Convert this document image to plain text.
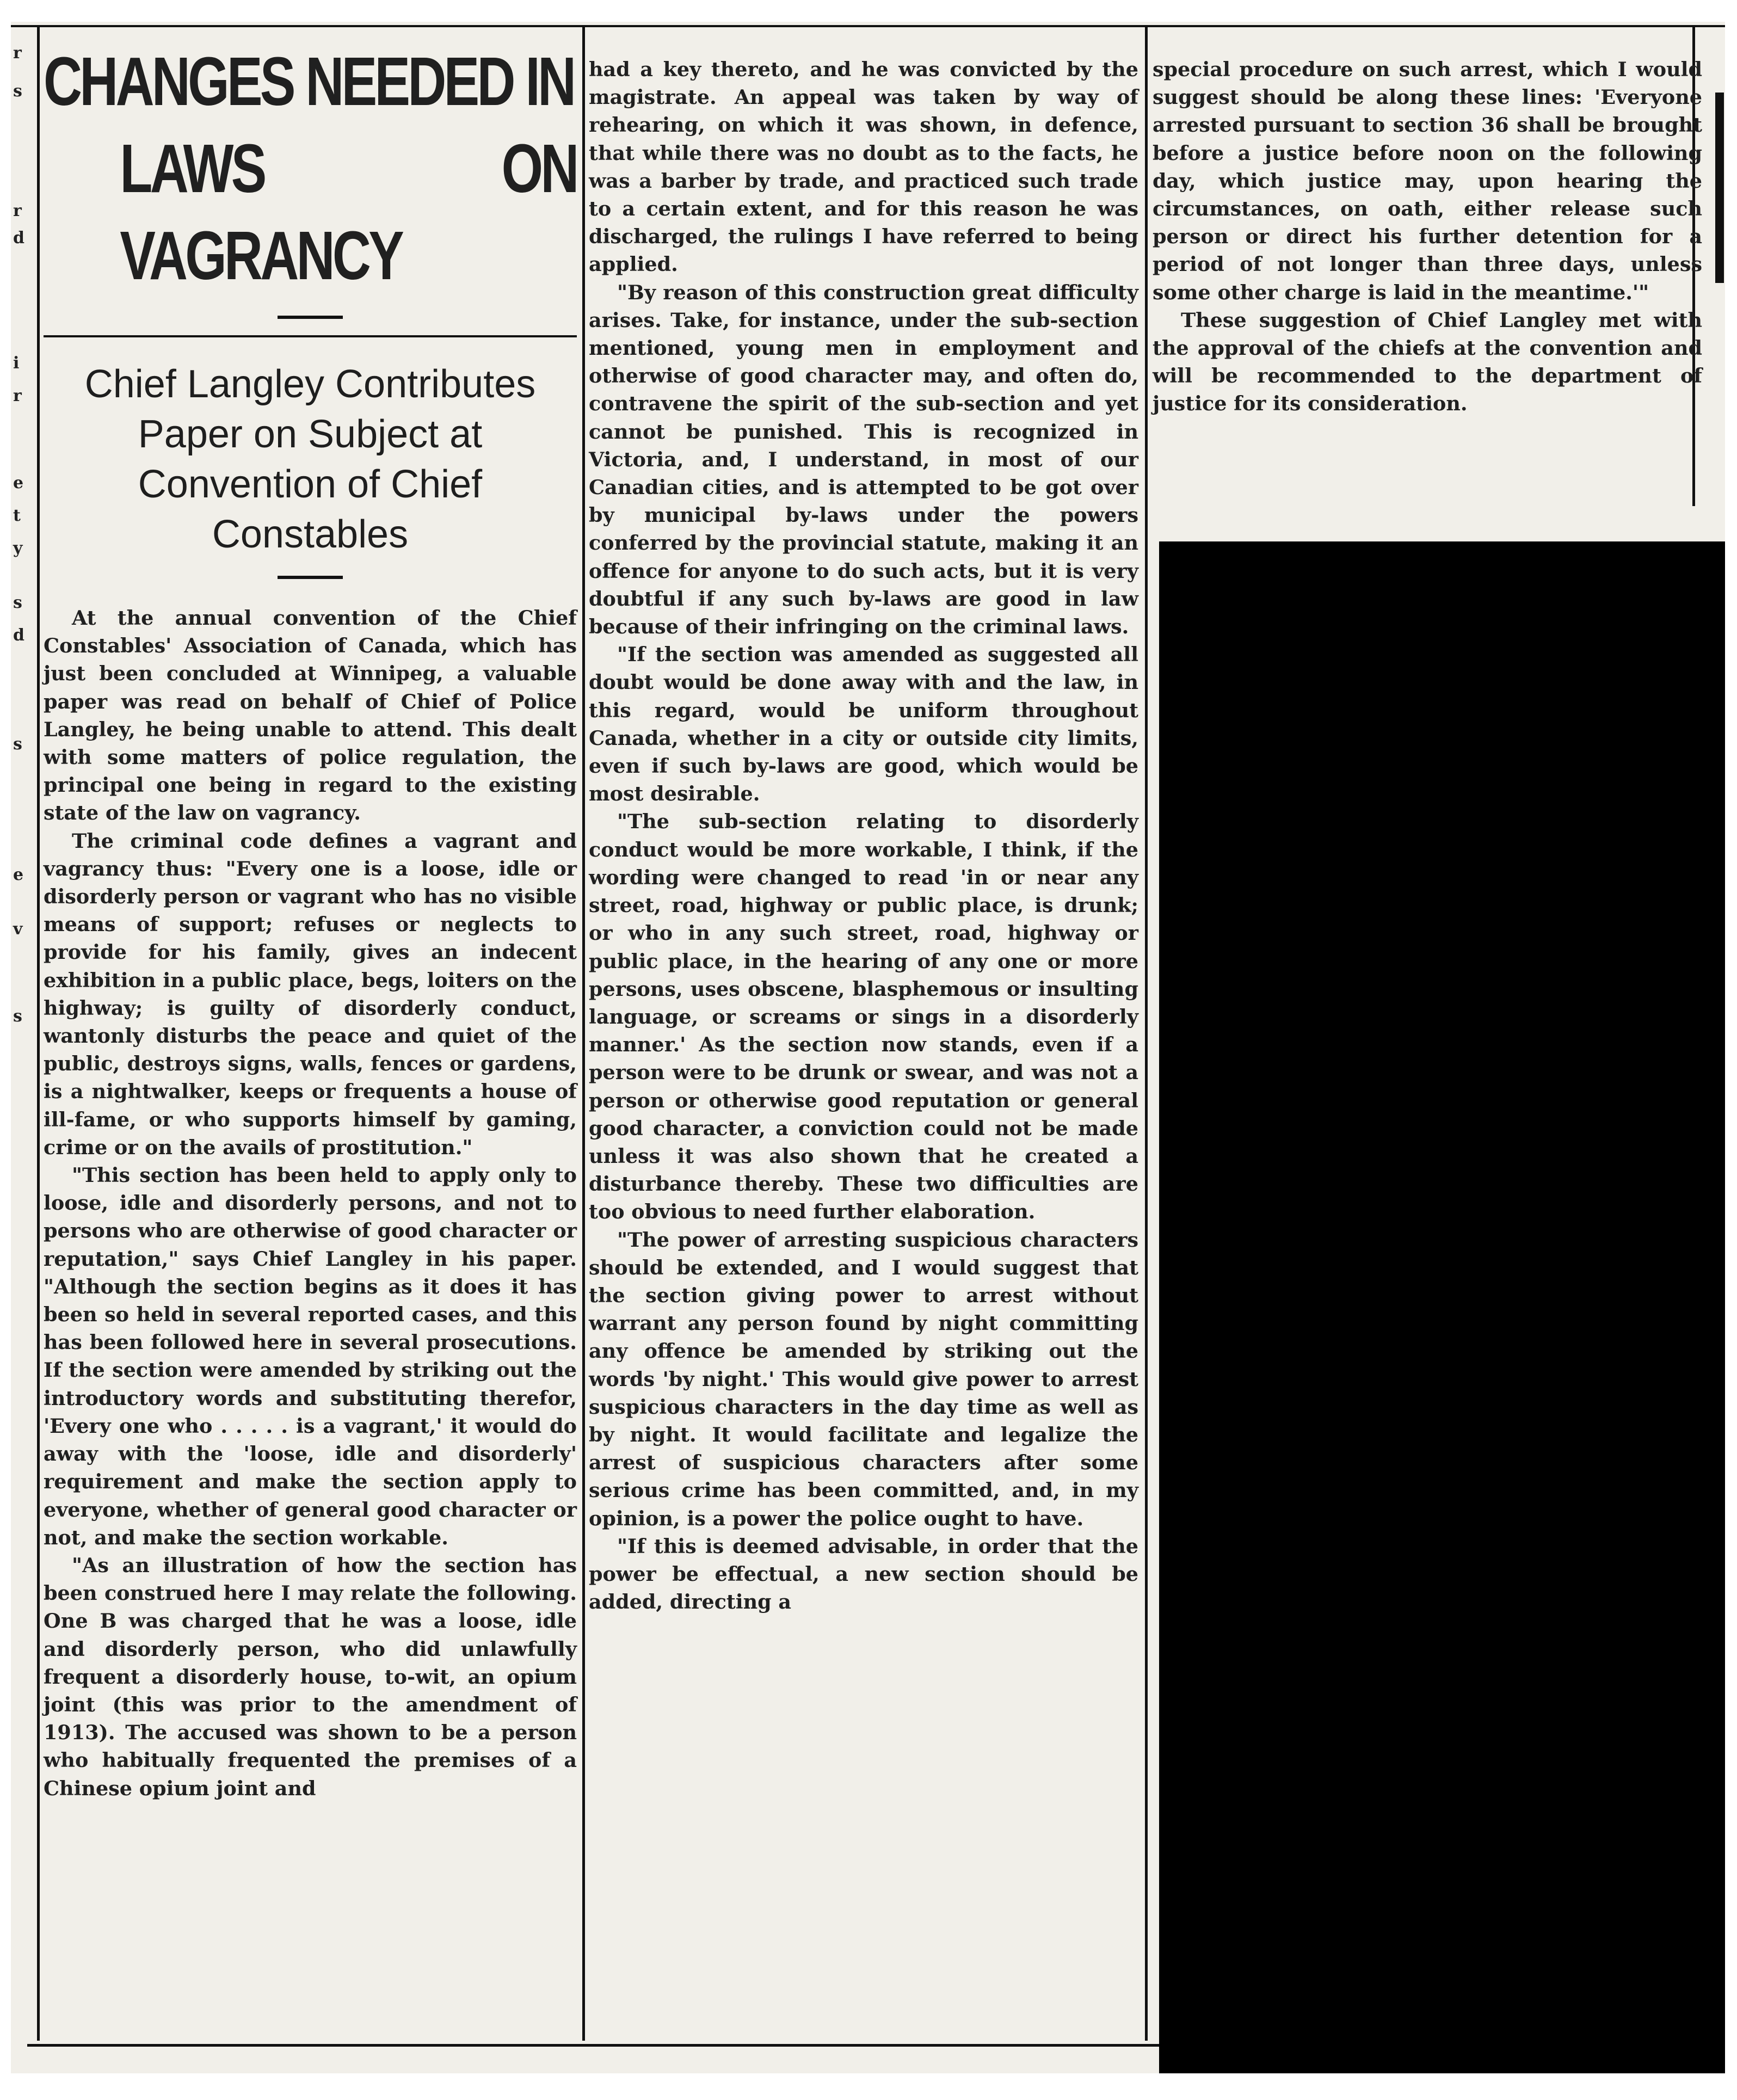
r
s
r
d
i
r
e
t
y
s
d
s
e
v
s
CHANGES NEEDED IN
LAWS ON VAGRANCY

Chief Langley Contributes Paper on Subject at Convention of Chief Constables

At the annual convention of the Chief Constables' Association of Canada, which has just been concluded at Winnipeg, a valuable paper was read on behalf of Chief of Police Langley, he being unable to attend. This dealt with some matters of police regulation, the principal one being in regard to the existing state of the law on vagrancy.

The criminal code defines a vagrant and vagrancy thus: "Every one is a loose, idle or disorderly person or vagrant who has no visible means of support; refuses or neglects to provide for his family, gives an indecent exhibition in a public place, begs, loiters on the highway; is guilty of disorderly conduct, wantonly disturbs the peace and quiet of the public, destroys signs, walls, fences or gardens, is a nightwalker, keeps or frequents a house of ill-fame, or who supports himself by gaming, crime or on the avails of prostitution."

"This section has been held to apply only to loose, idle and disorderly persons, and not to persons who are otherwise of good character or reputation," says Chief Langley in his paper. "Although the section begins as it does it has been so held in several reported cases, and this has been followed here in several prosecutions. If the section were amended by striking out the introductory words and substituting therefor, 'Every one who . . . . . is a vagrant,' it would do away with the 'loose, idle and disorderly' requirement and make the section apply to everyone, whether of general good character or not, and make the section workable.

"As an illustration of how the section has been construed here I may relate the following. One B was charged that he was a loose, idle and disorderly person, who did unlawfully frequent a disorderly house, to-wit, an opium joint (this was prior to the amendment of 1913). The accused was shown to be a person who habitually frequented the premises of a Chinese opium joint and

had a key thereto, and he was convicted by the magistrate. An appeal was taken by way of rehearing, on which it was shown, in defence, that while there was no doubt as to the facts, he was a barber by trade, and practiced such trade to a certain extent, and for this reason he was discharged, the rulings I have referred to being applied.

"By reason of this construction great difficulty arises. Take, for instance, under the sub-section mentioned, young men in employment and otherwise of good character may, and often do, contravene the spirit of the sub-section and yet cannot be punished. This is recognized in Victoria, and, I understand, in most of our Canadian cities, and is attempted to be got over by municipal by-laws under the powers conferred by the provincial statute, making it an offence for anyone to do such acts, but it is very doubtful if any such by-laws are good in law because of their infringing on the criminal laws.

"If the section was amended as suggested all doubt would be done away with and the law, in this regard, would be uniform throughout Canada, whether in a city or outside city limits, even if such by-laws are good, which would be most desirable.

"The sub-section relating to disorderly conduct would be more workable, I think, if the wording were changed to read 'in or near any street, road, highway or public place, is drunk; or who in any such street, road, highway or public place, in the hearing of any one or more persons, uses obscene, blasphemous or insulting language, or screams or sings in a disorderly manner.' As the section now stands, even if a person were to be drunk or swear, and was not a person or otherwise good reputation or general good character, a conviction could not be made unless it was also shown that he created a disturbance thereby. These two difficulties are too obvious to need further elaboration.

"The power of arresting suspicious characters should be extended, and I would suggest that the section giving power to arrest without warrant any person found by night committing any offence be amended by striking out the words 'by night.' This would give power to arrest suspicious characters in the day time as well as by night. It would facilitate and legalize the arrest of suspicious characters after some serious crime has been committed, and, in my opinion, is a power the police ought to have.

"If this is deemed advisable, in order that the power be effectual, a new section should be added, directing a

special procedure on such arrest, which I would suggest should be along these lines: 'Everyone arrested pursuant to section 36 shall be brought before a justice before noon on the following day, which justice may, upon hearing the circumstances, on oath, either release such person or direct his further detention for a period of not longer than three days, unless some other charge is laid in the meantime.'"

These suggestion of Chief Langley met with the approval of the chiefs at the convention and will be recommended to the department of justice for its consideration.
